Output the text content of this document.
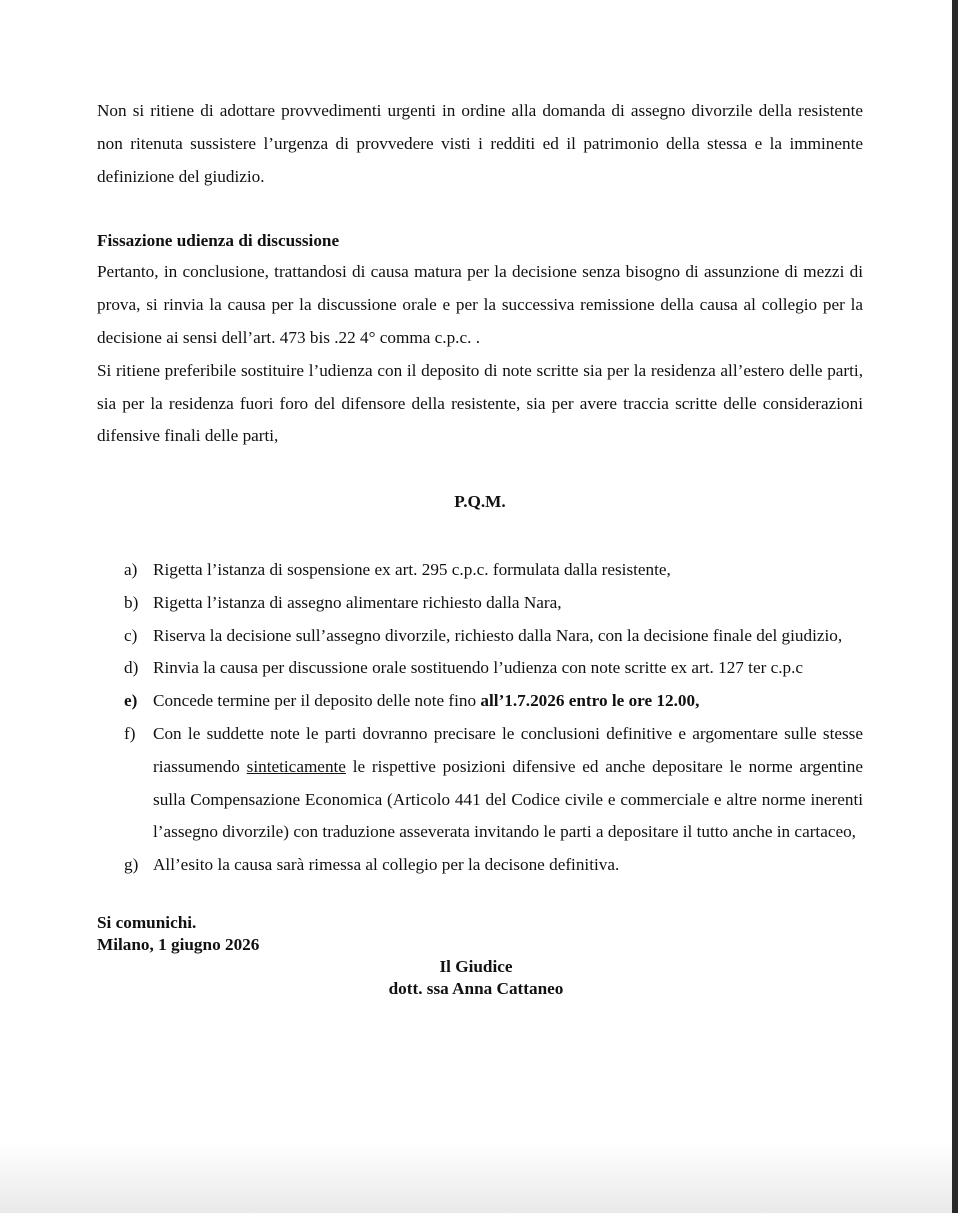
Non si ritiene di adottare provvedimenti urgenti in ordine alla domanda di assegno divorzile della resistente non ritenuta sussistere l’urgenza di provvedere visti i redditi ed il patrimonio della stessa e la imminente definizione del giudizio.

Fissazione udienza di discussione

Pertanto, in conclusione, trattandosi di causa matura per la decisione senza bisogno di assunzione di mezzi di prova, si rinvia la causa per la discussione orale e per la successiva remissione della causa al collegio per la decisione ai sensi dell’art. 473 bis .22 4° comma c.p.c. .

Si ritiene preferibile sostituire l’udienza con il deposito di note scritte sia per la residenza all’estero delle parti, sia per la residenza fuori foro del difensore della resistente, sia per avere traccia scritte delle considerazioni difensive finali delle parti,

P.Q.M.

a) Rigetta l’istanza di sospensione ex art. 295 c.p.c. formulata dalla resistente,
b) Rigetta l’istanza di assegno alimentare richiesto dalla Nara,
c) Riserva la decisione sull’assegno divorzile, richiesto dalla Nara, con la decisione finale del giudizio,
d) Rinvia la causa per discussione orale sostituendo l’udienza con note scritte ex art. 127 ter c.p.c
e) Concede termine per il deposito delle note fino all’1.7.2026 entro le ore 12.00,
f) Con le suddette note le parti dovranno precisare le conclusioni definitive e argomentare sulle stesse riassumendo sinteticamente le rispettive posizioni difensive ed anche depositare le norme argentine sulla Compensazione Economica (Articolo 441 del Codice civile e commerciale e altre norme inerenti l’assegno divorzile) con traduzione asseverata invitando le parti a depositare il tutto anche in cartaceo,
g) All’esito la causa sarà rimessa al collegio per la decisone definitiva.
Si comunichi.
Milano, 1 giugno 2026
Il Giudice
dott. ssa Anna Cattaneo
